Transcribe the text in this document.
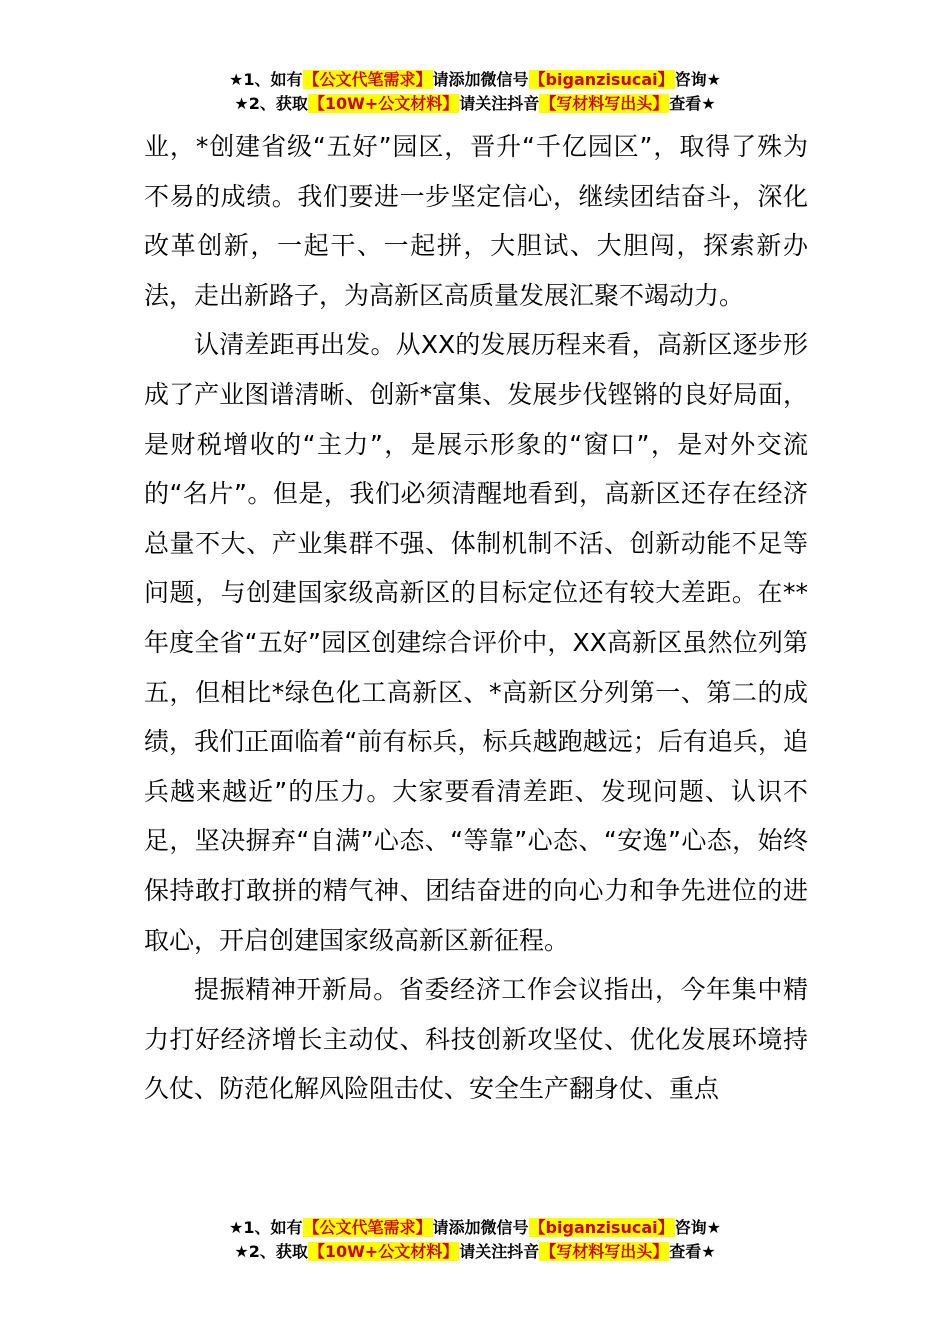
★1、如有【公文代笔需求】请添加微信号【biganzisucai】咨询★
★2、获取【10W+公文材料】请关注抖音【写材料写出头】查看★

业，*创建省级“五好”园区，晋升“千亿园区”，取得了殊为不易的成绩。我们要进一步坚定信心，继续团结奋斗，深化改革创新，一起干、一起拼，大胆试、大胆闯，探索新办法，走出新路子，为高新区高质量发展汇聚不竭动力。

认清差距再出发。从XX的发展历程来看，高新区逐步形成了产业图谱清晰、创新*富集、发展步伐铿锵的良好局面，是财税增收的“主力”，是展示形象的“窗口”，是对外交流的“名片”。但是，我们必须清醒地看到，高新区还存在经济总量不大、产业集群不强、体制机制不活、创新动能不足等问题，与创建国家级高新区的目标定位还有较大差距。在**年度全省“五好”园区创建综合评价中，XX高新区虽然位列第五，但相比*绿色化工高新区、*高新区分列第一、第二的成绩，我们正面临着“前有标兵，标兵越跑越远；后有追兵，追兵越来越近”的压力。大家要看清差距、发现问题、认识不足，坚决摒弃“自满”心态、“等靠”心态、“安逸”心态，始终保持敢打敢拼的精气神、团结奋进的向心力和争先进位的进取心，开启创建国家级高新区新征程。

提振精神开新局。省委经济工作会议指出，今年集中精力打好经济增长主动仗、科技创新攻坚仗、优化发展环境持久仗、防范化解风险阻击仗、安全生产翻身仗、重点

★1、如有【公文代笔需求】请添加微信号【biganzisucai】咨询★
★2、获取【10W+公文材料】请关注抖音【写材料写出头】查看★
